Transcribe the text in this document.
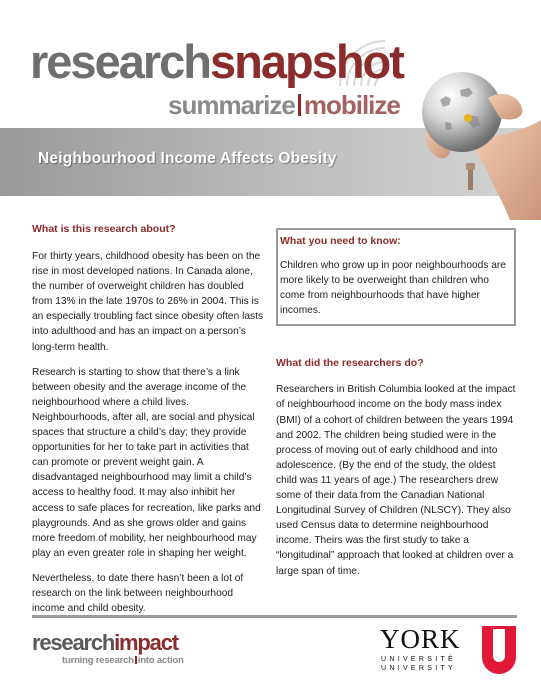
researchsnapshot
summarize mobilize
Neighbourhood Income Affects Obesity
What is this research about?

For thirty years, childhood obesity has been on the rise in most developed nations. In Canada alone, the number of overweight children has doubled from 13% in the late 1970s to 26% in 2004. This is an especially troubling fact since obesity often lasts into adulthood and has an impact on a person’s long-term health.

Research is starting to show that there’s a link between obesity and the average income of the neighbourhood where a child lives. Neighbourhoods, after all, are social and physical spaces that structure a child’s day; they provide opportunities for her to take part in activities that can promote or prevent weight gain. A disadvantaged neighbourhood may limit a child’s access to healthy food. It may also inhibit her access to safe places for recreation, like parks and playgrounds. And as she grows older and gains more freedom of mobility, her neighbourhood may play an even greater role in shaping her weight.

Nevertheless, to date there hasn’t been a lot of research on the link between neighbourhood income and child obesity.

What you need to know:

Children who grow up in poor neighbourhoods are more likely to be overweight than children who come from neighbourhoods that have higher incomes.

What did the researchers do?

Researchers in British Columbia looked at the impact of neighbourhood income on the body mass index (BMI) of a cohort of children between the years 1994 and 2002. The children being studied were in the process of moving out of early childhood and into adolescence. (By the end of the study, the oldest child was 11 years of age.) The researchers drew some of their data from the Canadian National Longitudinal Survey of Children (NLSCY). They also used Census data to determine neighbourhood income. Theirs was the first study to take a “longitudinal” approach that looked at children over a large span of time.

researchimpact
turning research into action
YORK
UNIVERSITÉ
UNIVERSITY
